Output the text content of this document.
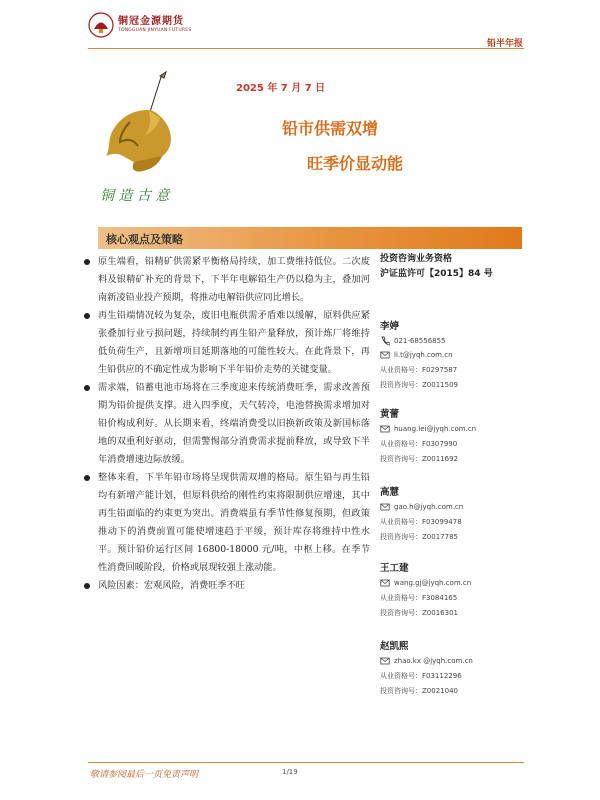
铜冠金源期货
TONGGUAN JINYUAN FUTURES
铅半年报
铜 造 古 意
2025 年 7 月 7 日
铅市供需双增
旺季价显动能
核心观点及策略
原生端看，铅精矿供需紧平衡格局持续，加工费维持低位。二次废料及银精矿补充的背景下，下半年电解铅生产仍以稳为主，叠加河南新凌铅业投产预期，将推动电解铅供应同比增长。
再生铅端情况较为复杂，废旧电瓶供需矛盾难以缓解，原料供应紧张叠加行业亏损问题，持续制约再生铅产量释放，预计炼厂将维持低负荷生产，且新增项目延期落地的可能性较大。在此背景下，再生铅供应的不确定性成为影响下半年铅价走势的关键变量。
需求端，铅蓄电池市场将在三季度迎来传统消费旺季，需求改善预期为铅价提供支撑。进入四季度，天气转冷，电池替换需求增加对铅价构成利好。从长期来看，终端消费受以旧换新政策及新国标落地的双重利好驱动，但需警惕部分消费需求提前释放，或导致下半年消费增速边际放缓。
整体来看，下半年铅市场将呈现供需双增的格局。原生铅与再生铅均有新增产能计划，但原料供给的刚性约束将限制供应增速，其中再生铅面临的约束更为突出。消费端虽有季节性修复预期，但政策推动下的消费前置可能使增速趋于平缓，预计库存将维持中性水平。预计铅价运行区间 16800-18000 元/吨，中枢上移。在季节性消费回暖阶段，价格或展现较强上涨动能。
风险因素：宏观风险，消费旺季不旺
投资咨询业务资格
沪证监许可【2015】84 号
李婷
021-68556855
li.t@jyqh.com.cn
从业资格号：F0297587
投资咨询号：Z0011509
黄蕾
huang.lei@jyqh.com.cn
从业资格号：F0307990
投资咨询号：Z0011692
高慧
gao.h@jyqh.com.cn
从业资格号：F03099478
投资咨询号：Z0017785
王工建
wang.gj@jyqh.com.cn
从业资格号：F3084165
投资咨询号：Z0016301
赵凯熙
zhao.kx @jyqh.com.cn
从业资格号：F03112296
投资咨询号：Z0021040
敬请参阅最后一页免责声明	1/19
